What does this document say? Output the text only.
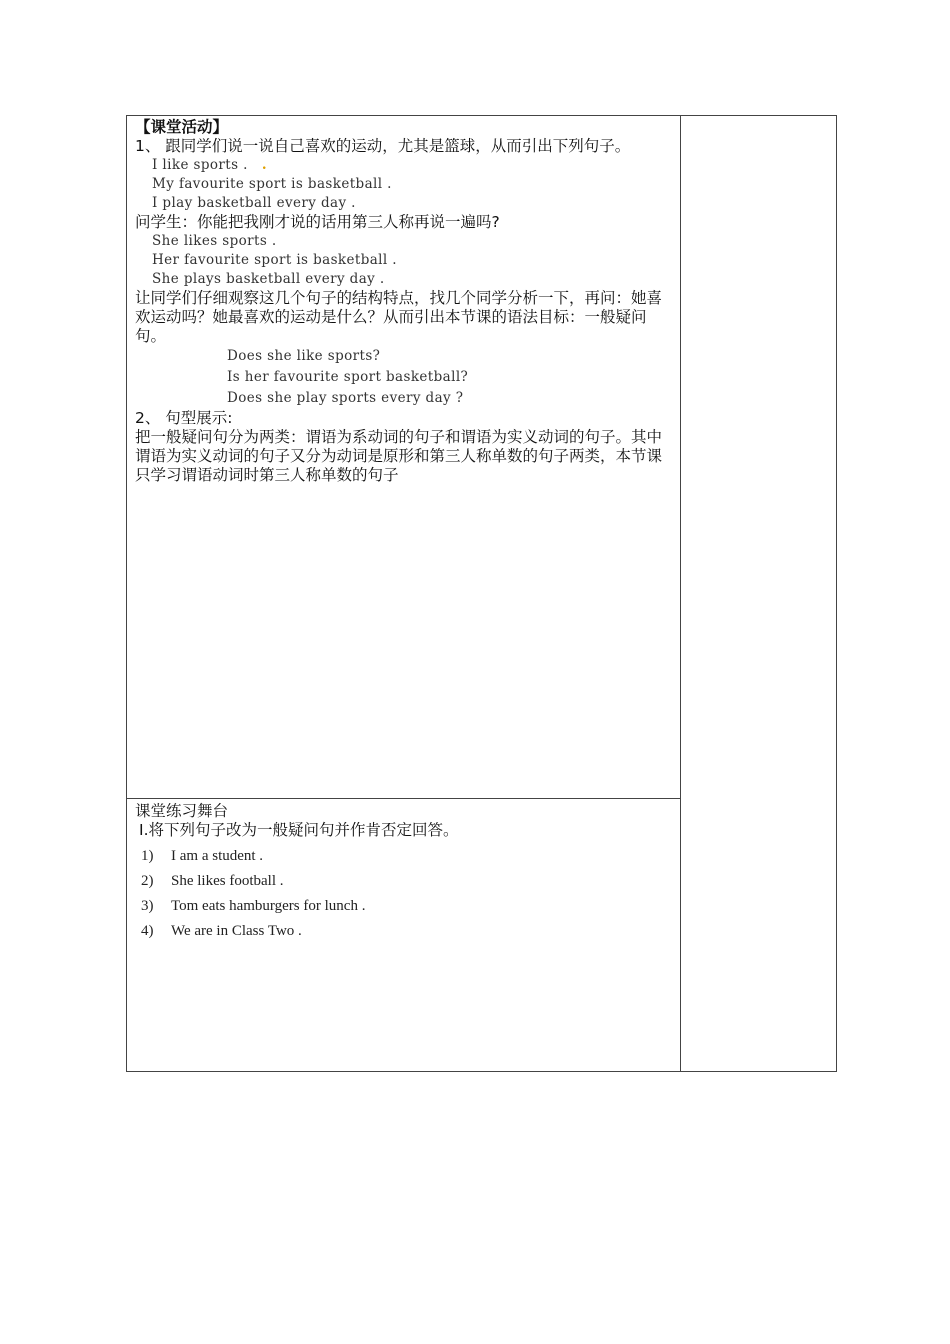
【课堂活动】
1、 跟同学们说一说自己喜欢的运动，尤其是篮球，从而引出下列句子。
I like sports . .
My favourite sport is basketball .
I play basketball every day .
问学生：你能把我刚才说的话用第三人称再说一遍吗?
She likes sports .
Her favourite sport is basketball .
She plays basketball every day .
让同学们仔细观察这几个句子的结构特点，找几个同学分析一下，再问：她喜欢运动吗？她最喜欢的运动是什么？从而引出本节课的语法目标：一般疑问句。
Does she like sports?
Is her favourite sport basketball?
Does she play sports every day ?
2、 句型展示:
把一般疑问句分为两类：谓语为系动词的句子和谓语为实义动词的句子。其中谓语为实义动词的句子又分为动词是原形和第三人称单数的句子两类，本节课只学习谓语动词时第三人称单数的句子
课堂练习舞台
I.将下列句子改为一般疑问句并作肯否定回答。
1) I am a student .
2) She likes football .
3) Tom eats hamburgers for lunch .
4) We are in Class Two .
